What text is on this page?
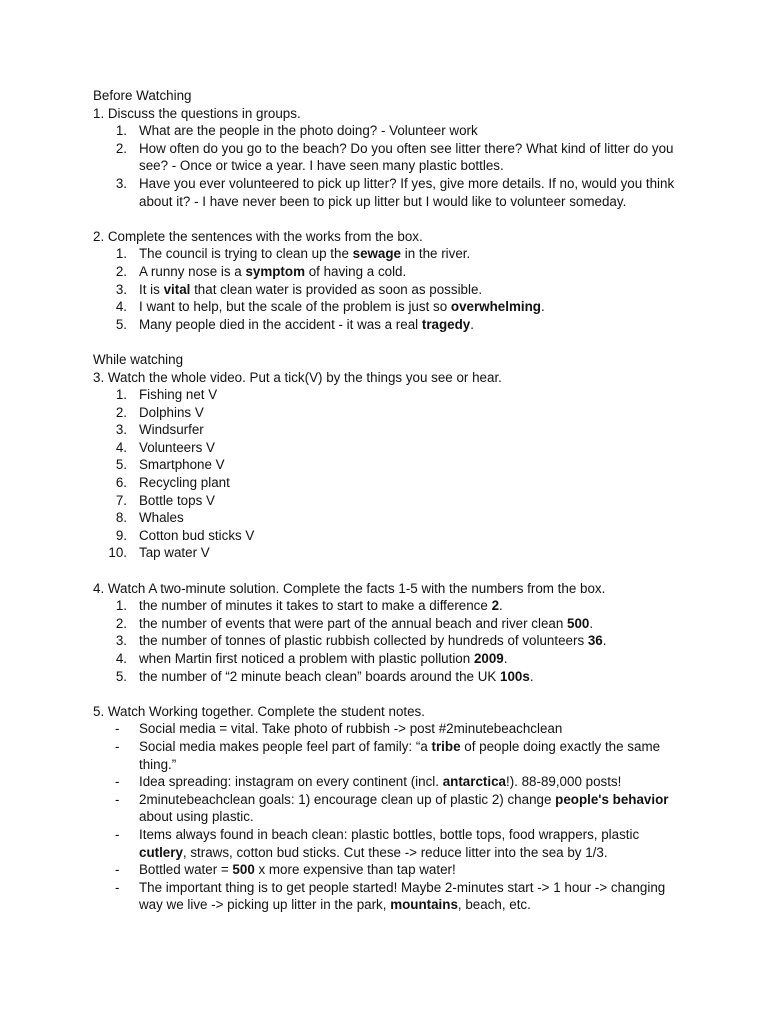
Before Watching

1. Discuss the questions in groups.

1. What are the people in the photo doing? - Volunteer work
2. How often do you go to the beach? Do you often see litter there? What kind of litter do you see? - Once or twice a year. I have seen many plastic bottles.
3. Have you ever volunteered to pick up litter? If yes, give more details. If no, would you think about it? - I have never been to pick up litter but I would like to volunteer someday.

2. Complete the sentences with the works from the box.

1. The council is trying to clean up the sewage in the river.
2. A runny nose is a symptom of having a cold.
3. It is vital that clean water is provided as soon as possible.
4. I want to help, but the scale of the problem is just so overwhelming.
5. Many people died in the accident - it was a real tragedy.

While watching

3. Watch the whole video. Put a tick(V) by the things you see or hear.

1. Fishing net V
2. Dolphins V
3. Windsurfer
4. Volunteers V
5. Smartphone V
6. Recycling plant
7. Bottle tops V
8. Whales
9. Cotton bud sticks V
10. Tap water V

4. Watch A two-minute solution. Complete the facts 1-5 with the numbers from the box.

1. the number of minutes it takes to start to make a difference 2.
2. the number of events that were part of the annual beach and river clean 500.
3. the number of tonnes of plastic rubbish collected by hundreds of volunteers 36.
4. when Martin first noticed a problem with plastic pollution 2009.
5. the number of “2 minute beach clean” boards around the UK 100s.

5. Watch Working together. Complete the student notes.

- Social media = vital. Take photo of rubbish -> post #2minutebeachclean
- Social media makes people feel part of family: “a tribe of people doing exactly the same thing.”
- Idea spreading: instagram on every continent (incl. antarctica!). 88-89,000 posts!
- 2minutebeachclean goals: 1) encourage clean up of plastic 2) change people's behavior about using plastic.
- Items always found in beach clean: plastic bottles, bottle tops, food wrappers, plastic cutlery, straws, cotton bud sticks. Cut these -> reduce litter into the sea by 1/3.
- Bottled water = 500 x more expensive than tap water!
- The important thing is to get people started! Maybe 2-minutes start -> 1 hour -> changing way we live -> picking up litter in the park, mountains, beach, etc.
